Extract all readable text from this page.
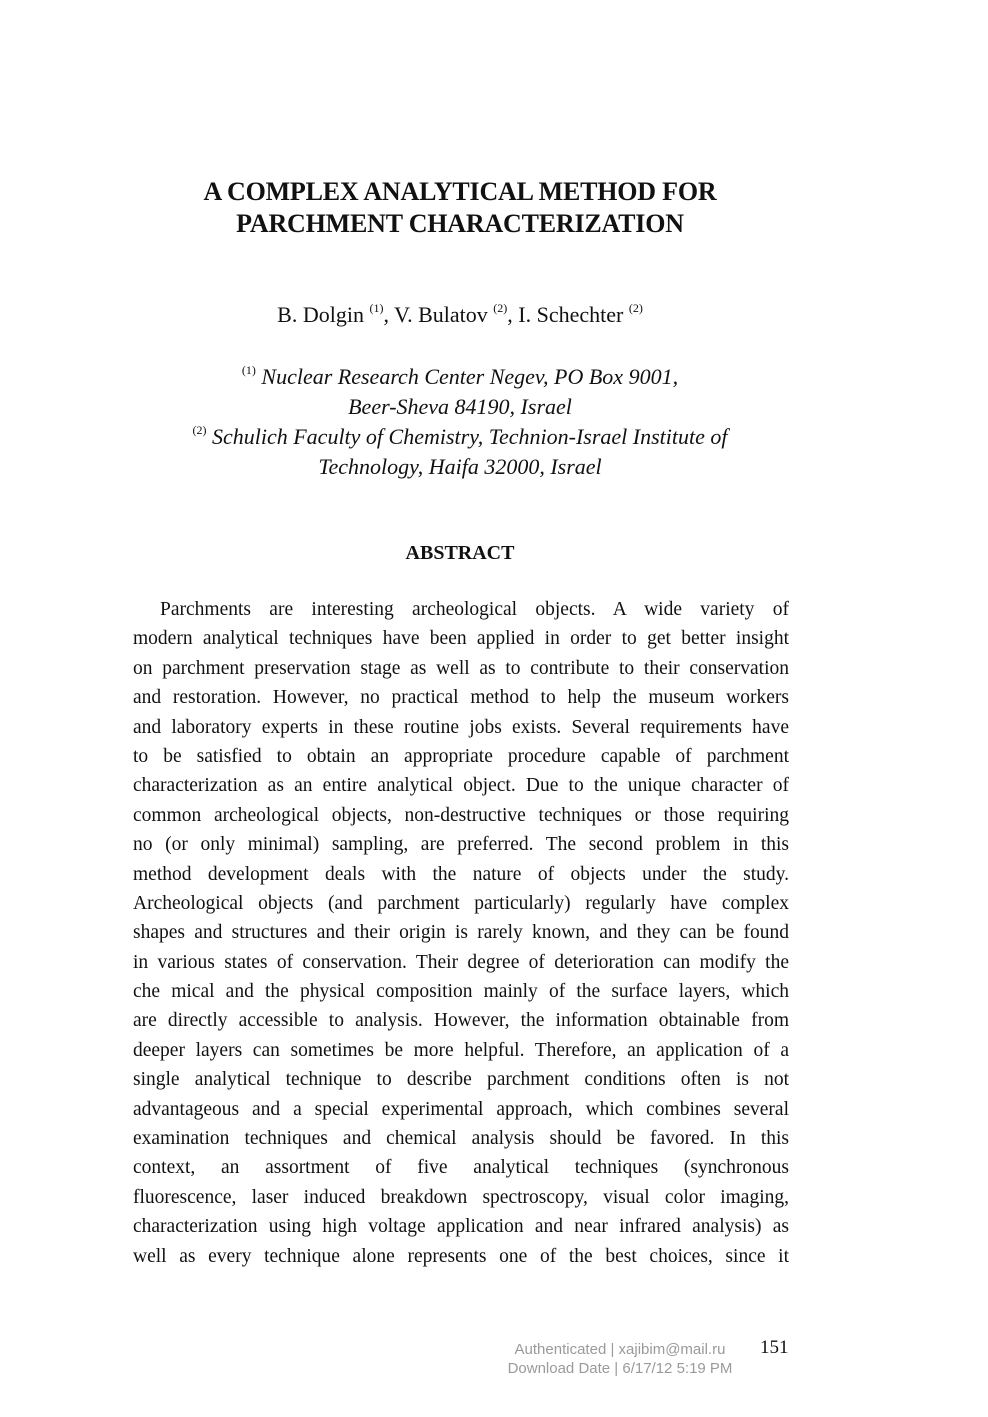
A COMPLEX ANALYTICAL METHOD FOR
PARCHMENT CHARACTERIZATION
B. Dolgin $^{(1)}$, V. Bulatov $^{(2)}$, I. Schechter $^{(2)}$
$^{(1)}$ Nuclear Research Center Negev, PO Box 9001,
Beer-Sheva 84190, Israel
$^{(2)}$ Schulich Faculty of Chemistry, Technion-Israel Institute of
Technology, Haifa 32000, Israel
ABSTRACT
Parchments are interesting archeological objects. A wide variety of
modern analytical techniques have been applied in order to get better insight
on parchment preservation stage as well as to contribute to their conservation
and restoration. However, no practical method to help the museum workers
and laboratory experts in these routine jobs exists. Several requirements have
to be satisfied to obtain an appropriate procedure capable of parchment
characterization as an entire analytical object. Due to the unique character of
common archeological objects, non-destructive techniques or those requiring
no (or only minimal) sampling, are preferred. The second problem in this
method development deals with the nature of objects under the study.
Archeological objects (and parchment particularly) regularly have complex
shapes and structures and their origin is rarely known, and they can be found
in various states of conservation. Their degree of deterioration can modify the
che mical and the physical composition mainly of the surface layers, which
are directly accessible to analysis. However, the information obtainable from
deeper layers can sometimes be more helpful. Therefore, an application of a
single analytical technique to describe parchment conditions often is not
advantageous and a special experimental approach, which combines several
examination techniques and chemical analysis should be favored. In this
context, an assortment of five analytical techniques (synchronous
fluorescence, laser induced breakdown spectroscopy, visual color imaging,
characterization using high voltage application and near infrared analysis) as
well as every technique alone represents one of the best choices, since it
Authenticated | xajibim@mail.ru
Download Date | 6/17/12 5:19 PM
151
